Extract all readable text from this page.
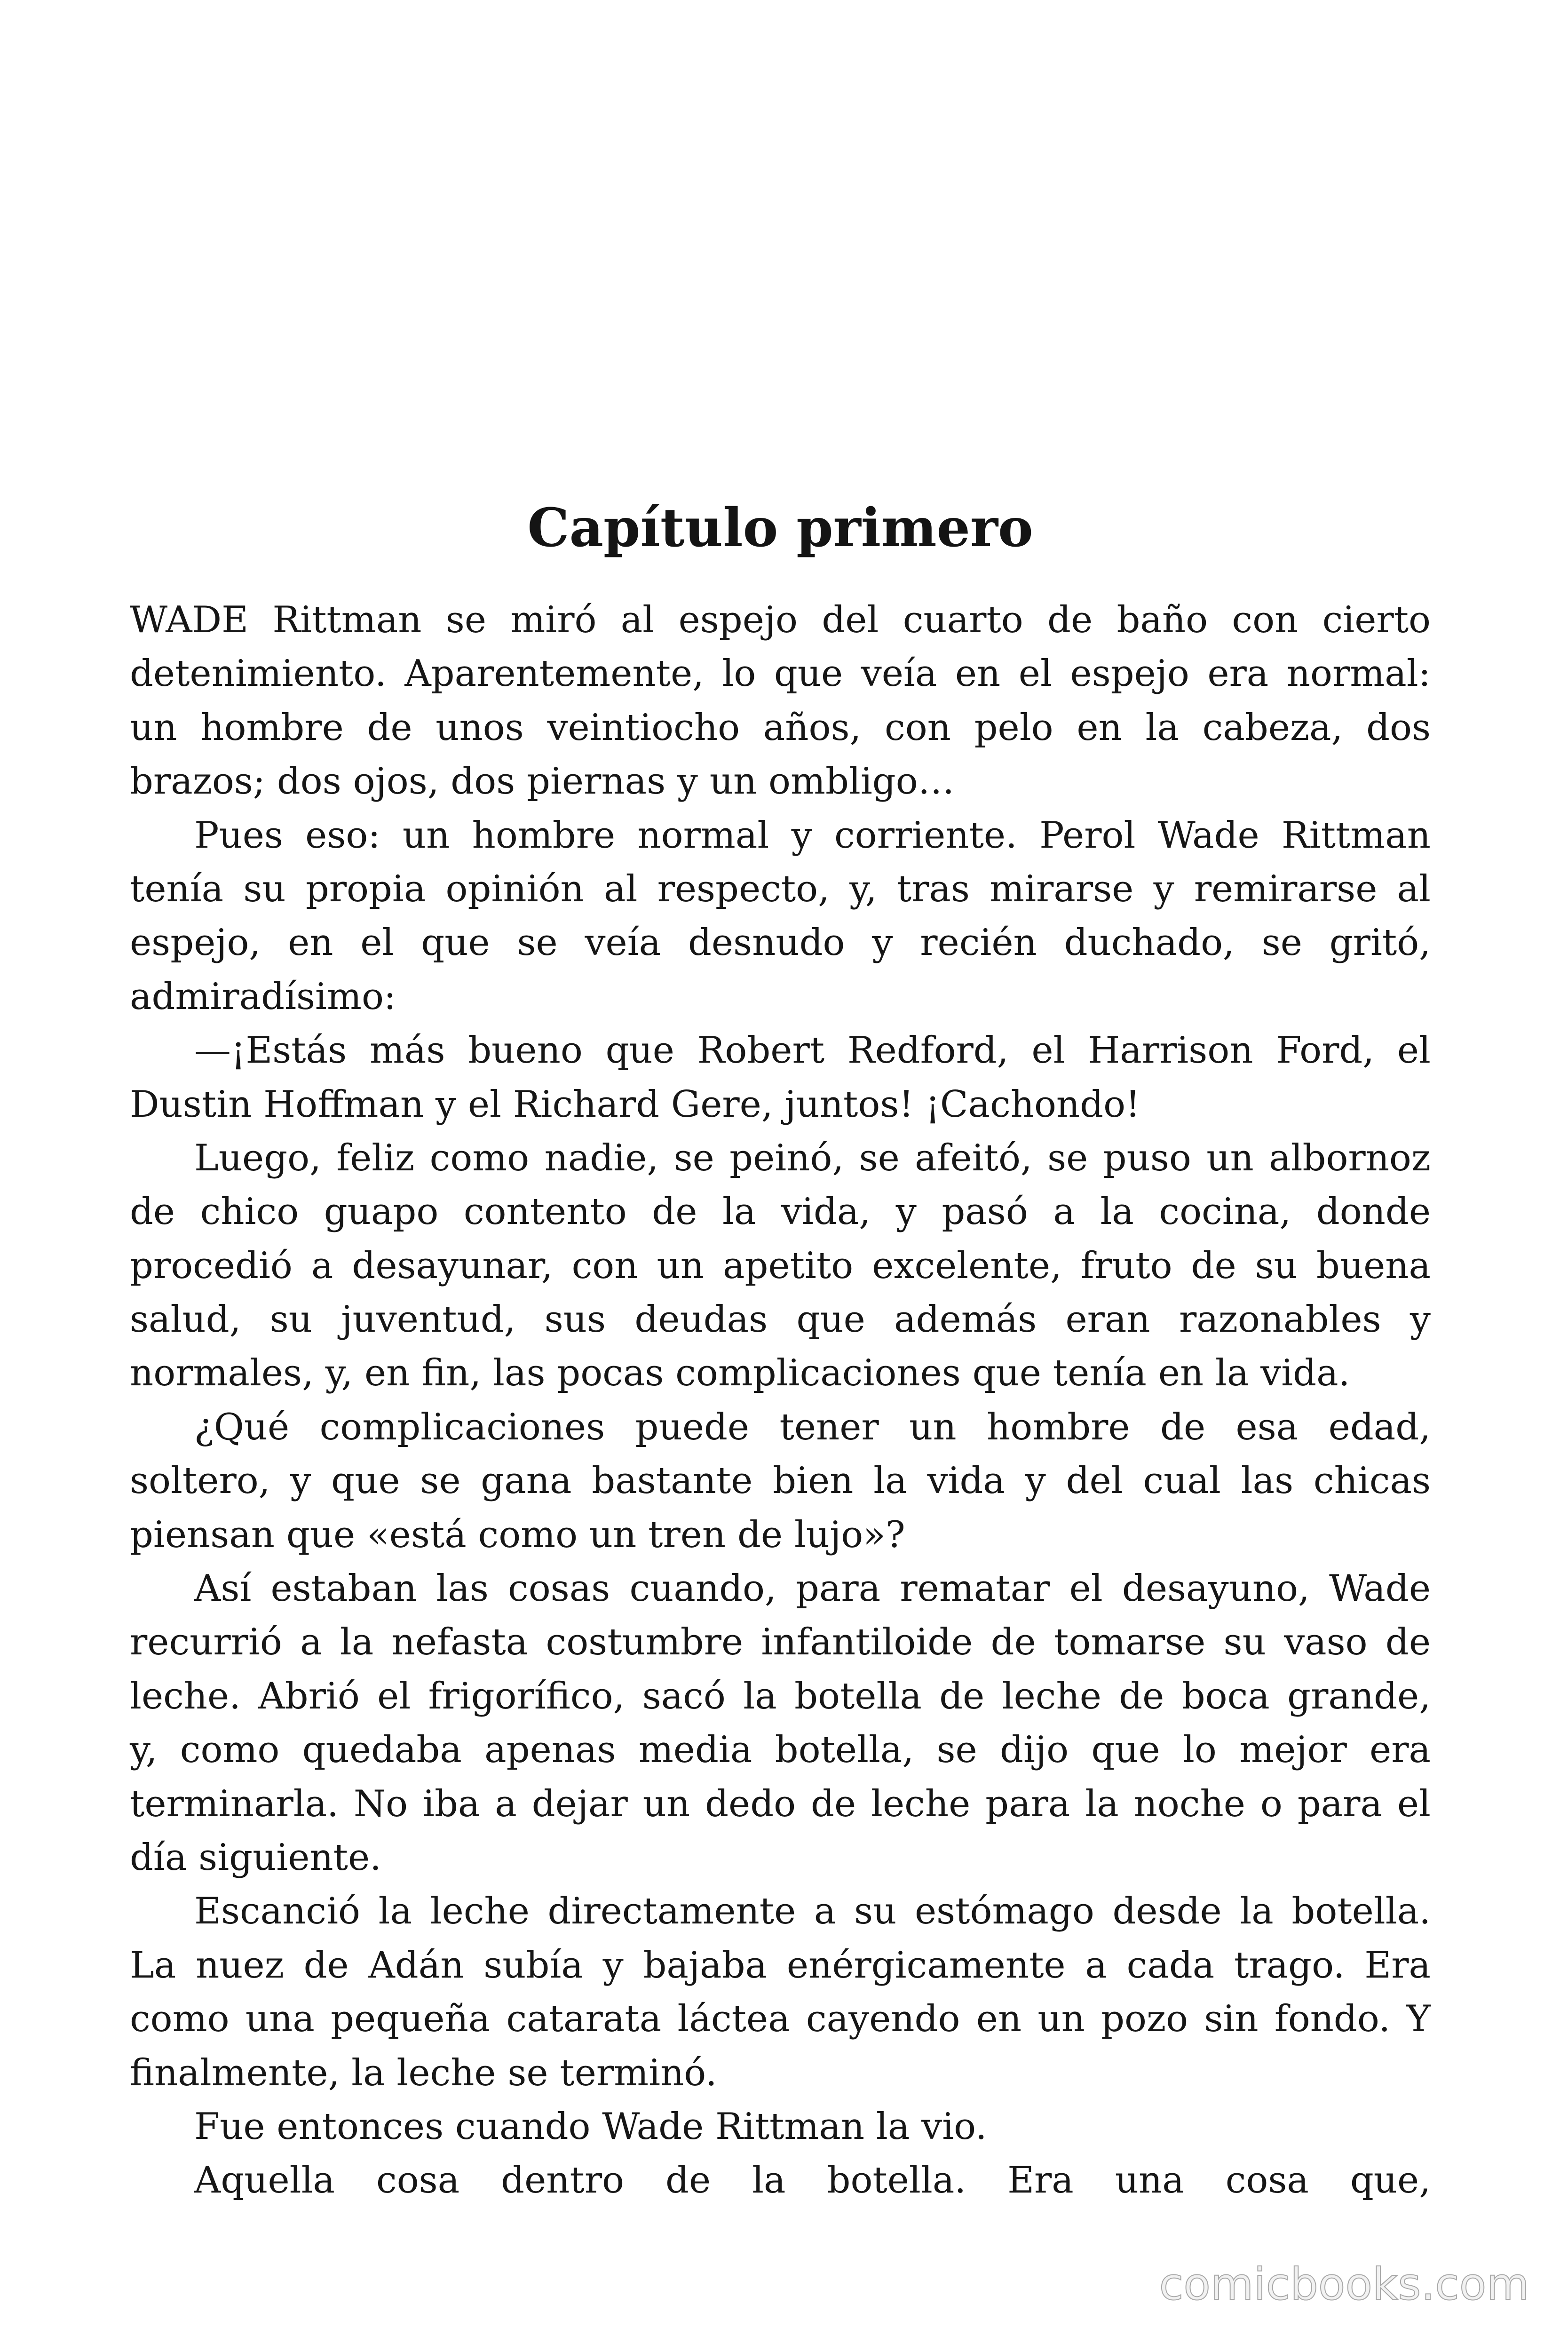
Capítulo primero
WADE Rittman se miró al espejo del cuarto de baño con cierto
detenimiento. Aparentemente, lo que veía en el espejo era normal:
un hombre de unos veintiocho años, con pelo en la cabeza, dos
brazos; dos ojos, dos piernas y un ombligo…
Pues eso: un hombre normal y corriente. Perol Wade Rittman
tenía su propia opinión al respecto, y, tras mirarse y remirarse al
espejo, en el que se veía desnudo y recién duchado, se gritó,
admiradísimo:
—¡Estás más bueno que Robert Redford, el Harrison Ford, el
Dustin Hoffman y el Richard Gere, juntos! ¡Cachondo!
Luego, feliz como nadie, se peinó, se afeitó, se puso un albornoz
de chico guapo contento de la vida, y pasó a la cocina, donde
procedió a desayunar, con un apetito excelente, fruto de su buena
salud, su juventud, sus deudas que además eran razonables y
normales, y, en fin, las pocas complicaciones que tenía en la vida.
¿Qué complicaciones puede tener un hombre de esa edad,
soltero, y que se gana bastante bien la vida y del cual las chicas
piensan que «está como un tren de lujo»?
Así estaban las cosas cuando, para rematar el desayuno, Wade
recurrió a la nefasta costumbre infantiloide de tomarse su vaso de
leche. Abrió el frigorífico, sacó la botella de leche de boca grande,
y, como quedaba apenas media botella, se dijo que lo mejor era
terminarla. No iba a dejar un dedo de leche para la noche o para el
día siguiente.
Escanció la leche directamente a su estómago desde la botella.
La nuez de Adán subía y bajaba enérgicamente a cada trago. Era
como una pequeña catarata láctea cayendo en un pozo sin fondo. Y
finalmente, la leche se terminó.
Fue entonces cuando Wade Rittman la vio.
Aquella cosa dentro de la botella. Era una cosa que,
comicbooks.com
